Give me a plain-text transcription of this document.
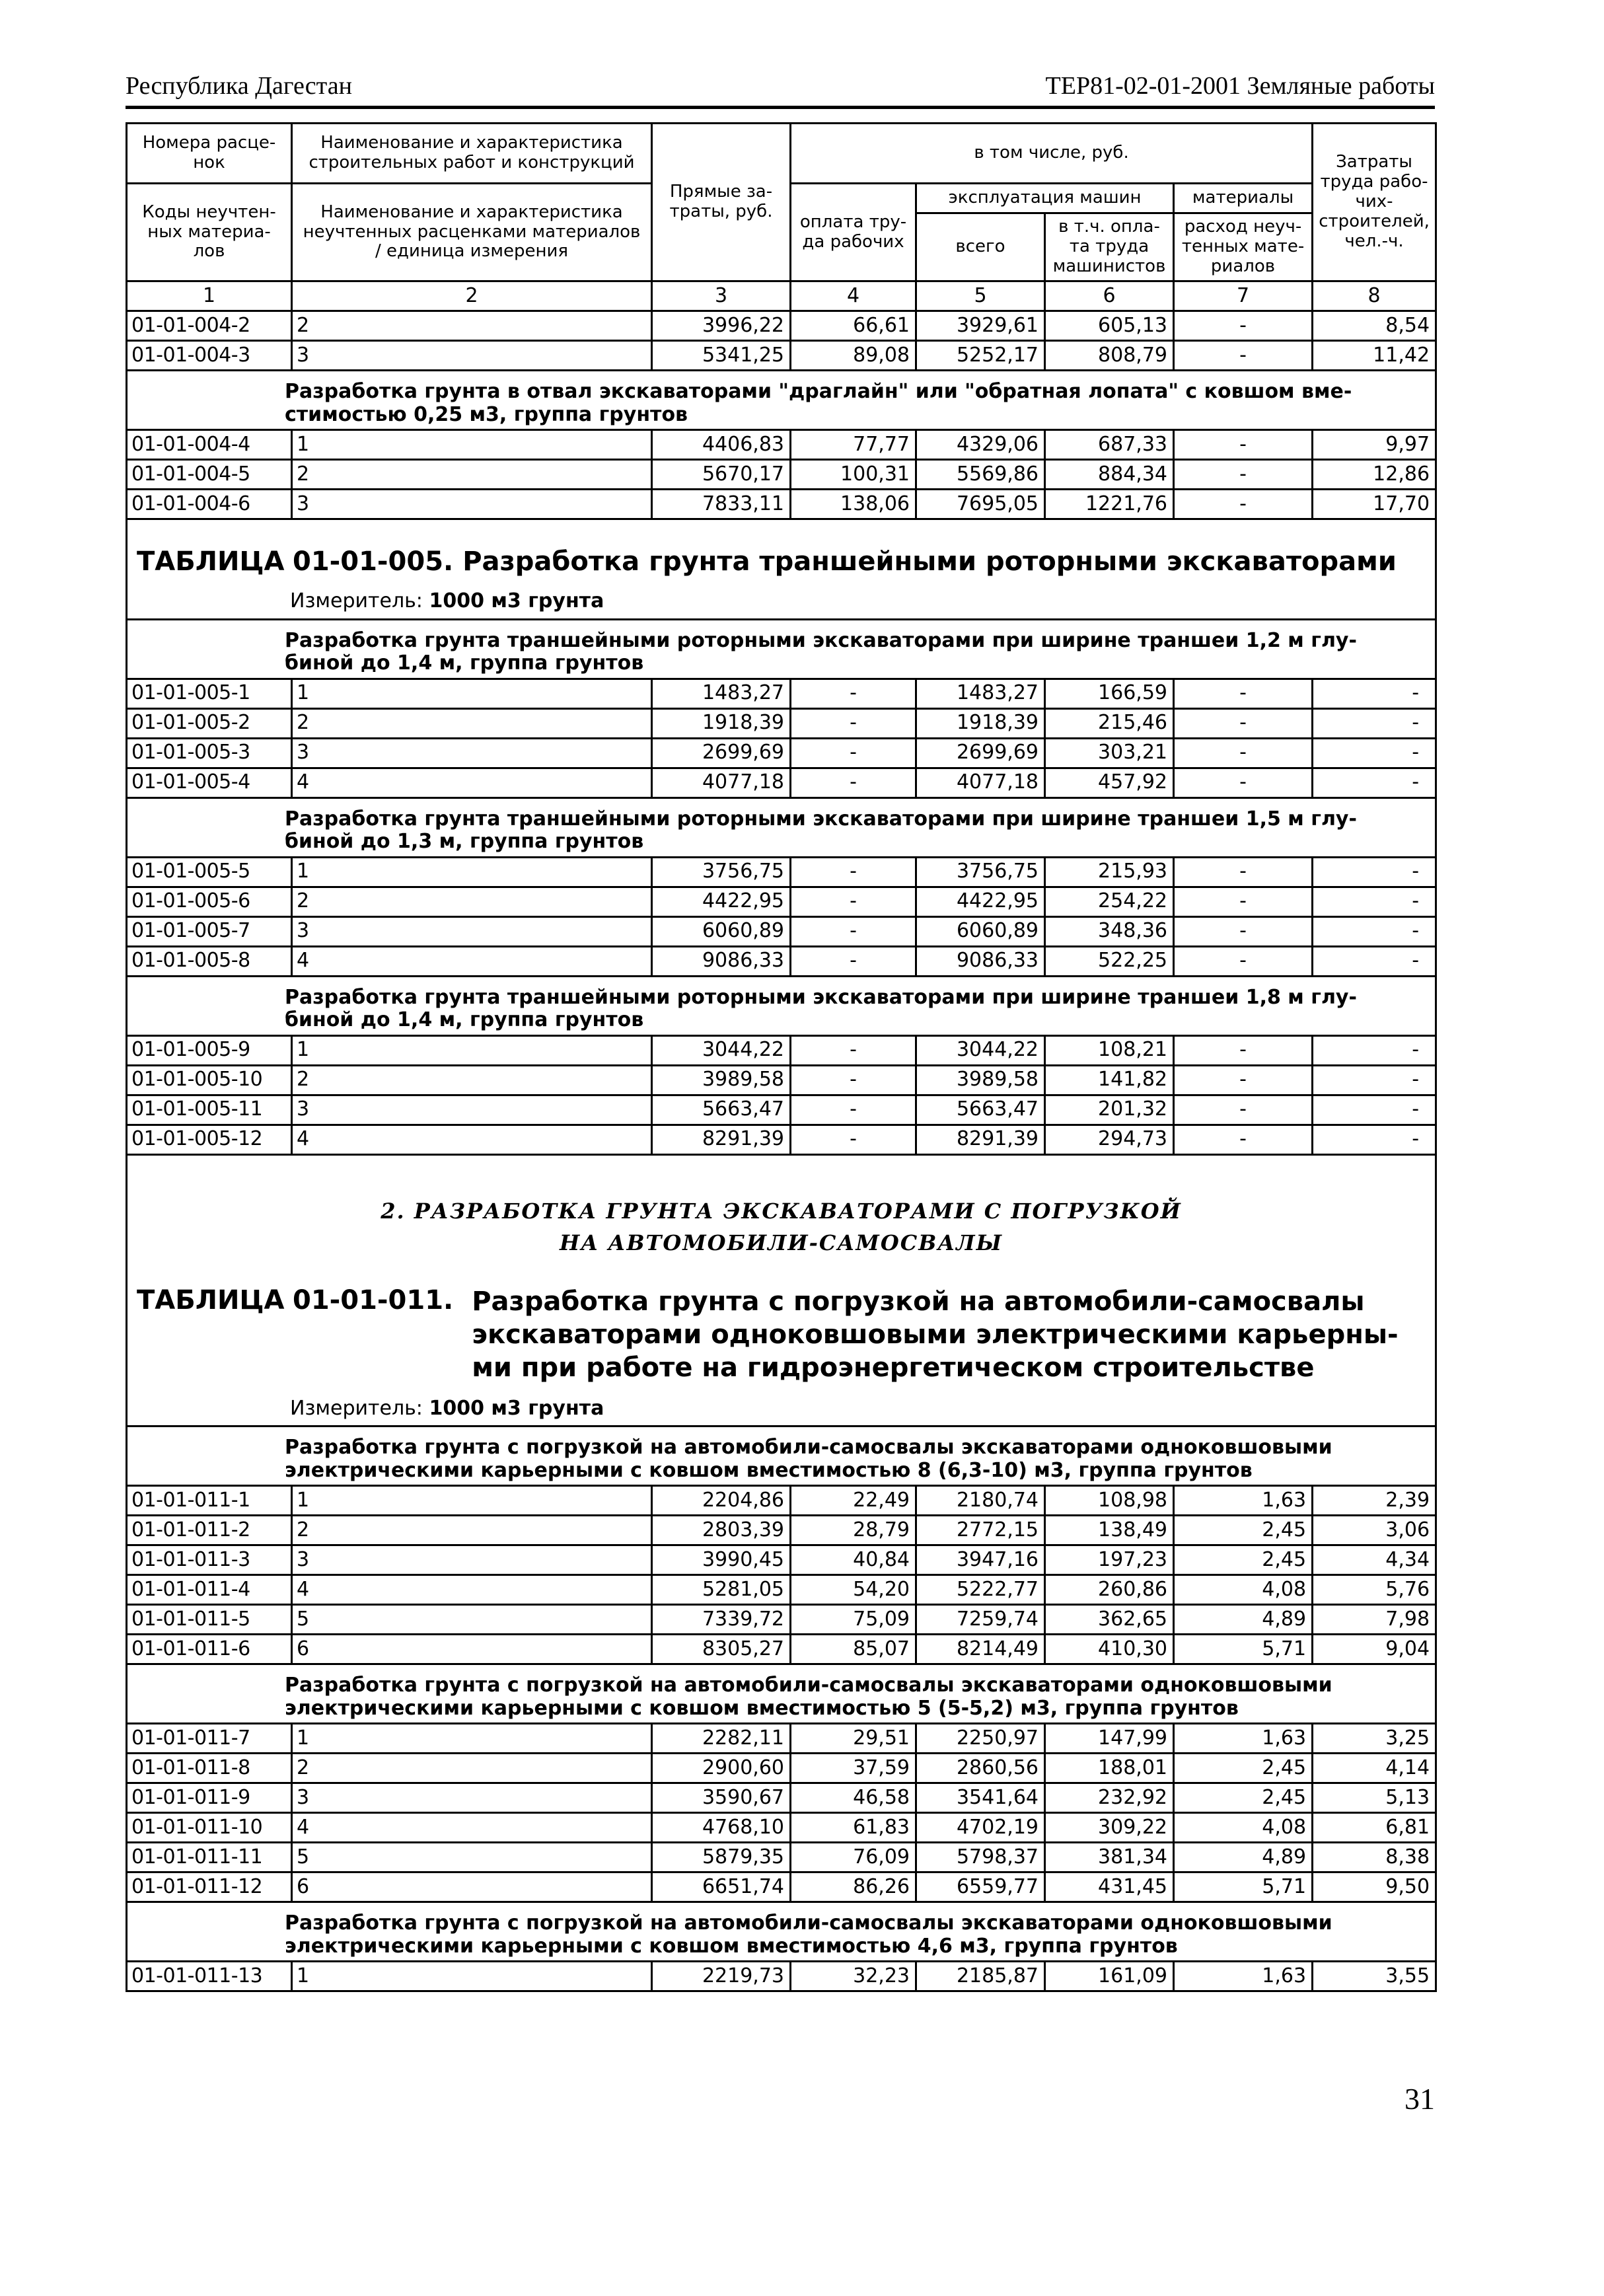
Республика Дагестан	ТЕР81-02-01-2001 Земляные работы
Номера расце-нок	Наименование и характеристика строительных работ и конструкций	Прямые за-траты, руб.	в том числе, руб.				Затраты труда рабо-чих-строителей, чел.-ч.
Коды неучтен-ных материа-лов	Наименование и характеристика неучтенных расценками материалов / единица измерения		оплата тру-да рабочих	эксплуатация машин		материалы	
				всего	в т.ч. опла-та труда машинистов	расход неуч-тенных мате-риалов	

1	2	3	4	5	6	7	8
01-01-004-2	2	3996,22	66,61	3929,61	605,13	-	8,54
01-01-004-3	3	5341,25	89,08	5252,17	808,79	-	11,42
Разработка грунта в отвал экскаваторами "драглайн" или "обратная лопата" с ковшом вме-стимостью 0,25 м3, группа грунтов							
01-01-004-4	1	4406,83	77,77	4329,06	687,33	-	9,97
01-01-004-5	2	5670,17	100,31	5569,86	884,34	-	12,86
01-01-004-6	3	7833,11	138,06	7695,05	1221,76	-	17,70

ТАБЛИЦА 01-01-005. Разработка грунта траншейными роторными экскаваторами
Измеритель: 1000 м3 грунта							

Разработка грунта траншейными роторными экскаваторами при ширине траншеи 1,2 м глу-биной до 1,4 м, группа грунтов							
01-01-005-1	1	1483,27	-	1483,27	166,59	-	-
01-01-005-2	2	1918,39	-	1918,39	215,46	-	-
01-01-005-3	3	2699,69	-	2699,69	303,21	-	-
01-01-005-4	4	4077,18	-	4077,18	457,92	-	-
Разработка грунта траншейными роторными экскаваторами при ширине траншеи 1,5 м глу-биной до 1,3 м, группа грунтов							
01-01-005-5	1	3756,75	-	3756,75	215,93	-	-
01-01-005-6	2	4422,95	-	4422,95	254,22	-	-
01-01-005-7	3	6060,89	-	6060,89	348,36	-	-
01-01-005-8	4	9086,33	-	9086,33	522,25	-	-
Разработка грунта траншейными роторными экскаваторами при ширине траншеи 1,8 м глу-биной до 1,4 м, группа грунтов							
01-01-005-9	1	3044,22	-	3044,22	108,21	-	-
01-01-005-10	2	3989,58	-	3989,58	141,82	-	-
01-01-005-11	3	5663,47	-	5663,47	201,32	-	-
01-01-005-12	4	8291,39	-	8291,39	294,73	-	-

2. РАЗРАБОТКА ГРУНТА ЭКСКАВАТОРАМИ С ПОГРУЗКОЙ
НА АВТОМОБИЛИ-САМОСВАЛЫ							

ТАБЛИЦА 01-01-011. Разработка грунта с погрузкой на автомобили-самосвалы экскаваторами одноковшовыми электрическими карьерны-ми при работе на гидроэнергетическом строительстве
Измеритель: 1000 м3 грунта							

Разработка грунта с погрузкой на автомобили-самосвалы экскаваторами одноковшовыми электрическими карьерными с ковшом вместимостью 8 (6,3-10) м3, группа грунтов							
01-01-011-1	1	2204,86	22,49	2180,74	108,98	1,63	2,39
01-01-011-2	2	2803,39	28,79	2772,15	138,49	2,45	3,06
01-01-011-3	3	3990,45	40,84	3947,16	197,23	2,45	4,34
01-01-011-4	4	5281,05	54,20	5222,77	260,86	4,08	5,76
01-01-011-5	5	7339,72	75,09	7259,74	362,65	4,89	7,98
01-01-011-6	6	8305,27	85,07	8214,49	410,30	5,71	9,04
Разработка грунта с погрузкой на автомобили-самосвалы экскаваторами одноковшовыми электрическими карьерными с ковшом вместимостью 5 (5-5,2) м3, группа грунтов							
01-01-011-7	1	2282,11	29,51	2250,97	147,99	1,63	3,25
01-01-011-8	2	2900,60	37,59	2860,56	188,01	2,45	4,14
01-01-011-9	3	3590,67	46,58	3541,64	232,92	2,45	5,13
01-01-011-10	4	4768,10	61,83	4702,19	309,22	4,08	6,81
01-01-011-11	5	5879,35	76,09	5798,37	381,34	4,89	8,38
01-01-011-12	6	6651,74	86,26	6559,77	431,45	5,71	9,50
Разработка грунта с погрузкой на автомобили-самосвалы экскаваторами одноковшовыми электрическими карьерными с ковшом вместимостью 4,6 м3, группа грунтов							
01-01-011-13	1	2219,73	32,23	2185,87	161,09	1,63	3,55
31
